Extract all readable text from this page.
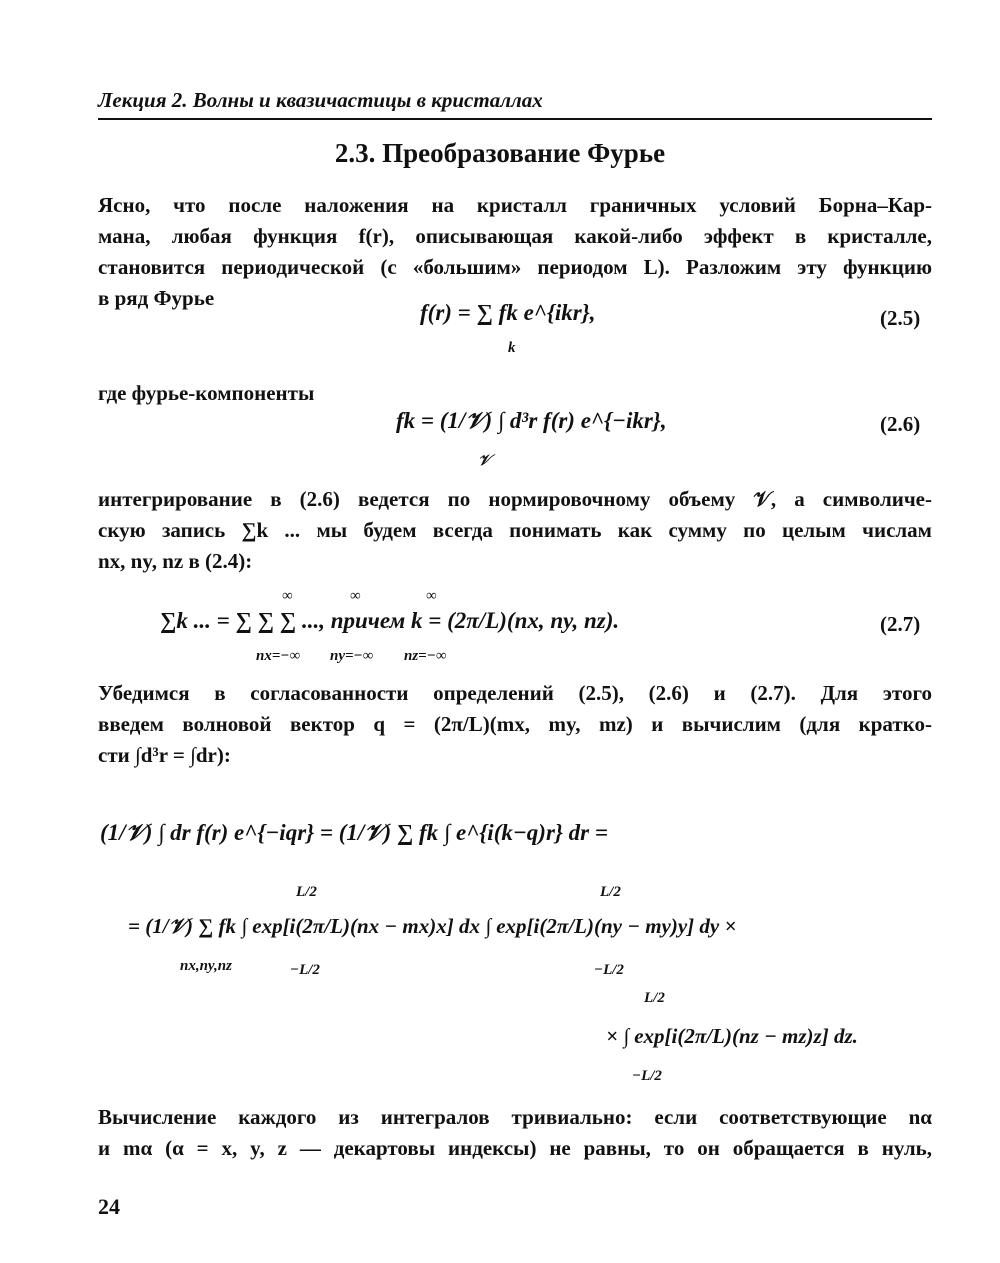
Лекция 2. Волны и квазичастицы в кристаллах
2.3. Преобразование Фурье
Ясно, что после наложения на кристалл граничных условий Борна–Кар-
мана, любая функция f(r), описывающая какой-либо эффект в кристалле,
становится периодической (с «большим» периодом L). Разложим эту функцию
в ряд Фурье
f(r) = ∑ fk e^{ikr},
k
(2.5)
где фурье-компоненты
fk = (1/𝒱) ∫ d³r f(r) e^{−ikr},
𝒱
(2.6)
интегрирование в (2.6) ведется по нормировочному объему 𝒱, а символиче-
скую запись ∑k ... мы будем всегда понимать как сумму по целым числам
nx, ny, nz в (2.4):
∑k ... = ∑ ∑ ∑ ..., причем k = (2π/L)(nx, ny, nz).
∞	∞	∞
nx=−∞ ny=−∞ nz=−∞
(2.7)
Убедимся в согласованности определений (2.5), (2.6) и (2.7). Для этого
введем волновой вектор q = (2π/L)(mx, my, mz) и вычислим (для кратко-
сти ∫d³r = ∫dr):
(1/𝒱) ∫ dr f(r) e^{−iqr} = (1/𝒱) ∑ fk ∫ e^{i(k−q)r} dr =
L/2	L/2
= (1/𝒱) ∑ fk ∫ exp[i(2π/L)(nx − mx)x] dx ∫ exp[i(2π/L)(ny − my)y] dy ×
nx,ny,nz	−L/2	−L/2
L/2
× ∫ exp[i(2π/L)(nz − mz)z] dz.
−L/2
Вычисление каждого из интегралов тривиально: если соответствующие nα
и mα (α = x, y, z — декартовы индексы) не равны, то он обращается в нуль,
24
